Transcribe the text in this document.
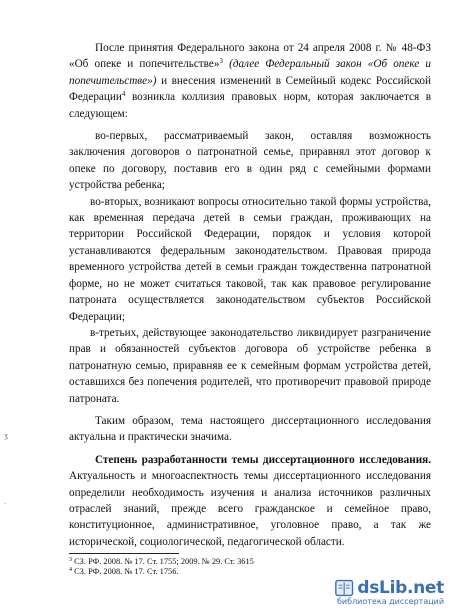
После принятия Федерального закона от 24 апреля 2008 г. № 48-ФЗ «Об опеке и попечительстве»$^3$ (далее Федеральный закон «Об опеке и попечительстве») и внесения изменений в Семейный кодекс Российской Федерации$^4$ возникла коллизия правовых норм, которая заключается в следующем:

во-первых, рассматриваемый закон, оставляя возможность заключения договоров о патронатной семье, приравнял этот договор к опеке по договору, поставив его в один ряд с семейными формами устройства ребенка;

во-вторых, возникают вопросы относительно такой формы устройства, как временная передача детей в семьи граждан, проживающих на территории Российской Федерации, порядок и условия которой устанавливаются федеральным законодательством. Правовая природа временного устройства детей в семьи граждан тождественна патронатной форме, но не может считаться таковой, так как правовое регулирование патроната осуществляется законодательством субъектов Российской Федерации;

в-третьих, действующее законодательство ликвидирует разграничение прав и обязанностей субъектов договора об устройстве ребенка в патронатную семью, приравняв ее к семейным формам устройства детей, оставшихся без попечения родителей, что противоречит правовой природе патроната.

Таким образом, тема настоящего диссертационного исследования актуальна и практически значима.

Степень разработанности темы диссертационного исследования. Актуальность и многоаспектность темы диссертационного исследования определили необходимость изучения и анализа источников различных отраслей знаний, прежде всего гражданское и семейное право, конституционное, административное, уголовное право, а так же исторической, социологической, педагогической области.

$^3$ СЗ. РФ. 2008. № 17. Ст. 1755; 2009. № 29. Ст. 3615
$^4$ СЗ. РФ. 2008. № 17. Ст. 1756.
ʒ
·
dsLib.net
библиотека диссертаций
